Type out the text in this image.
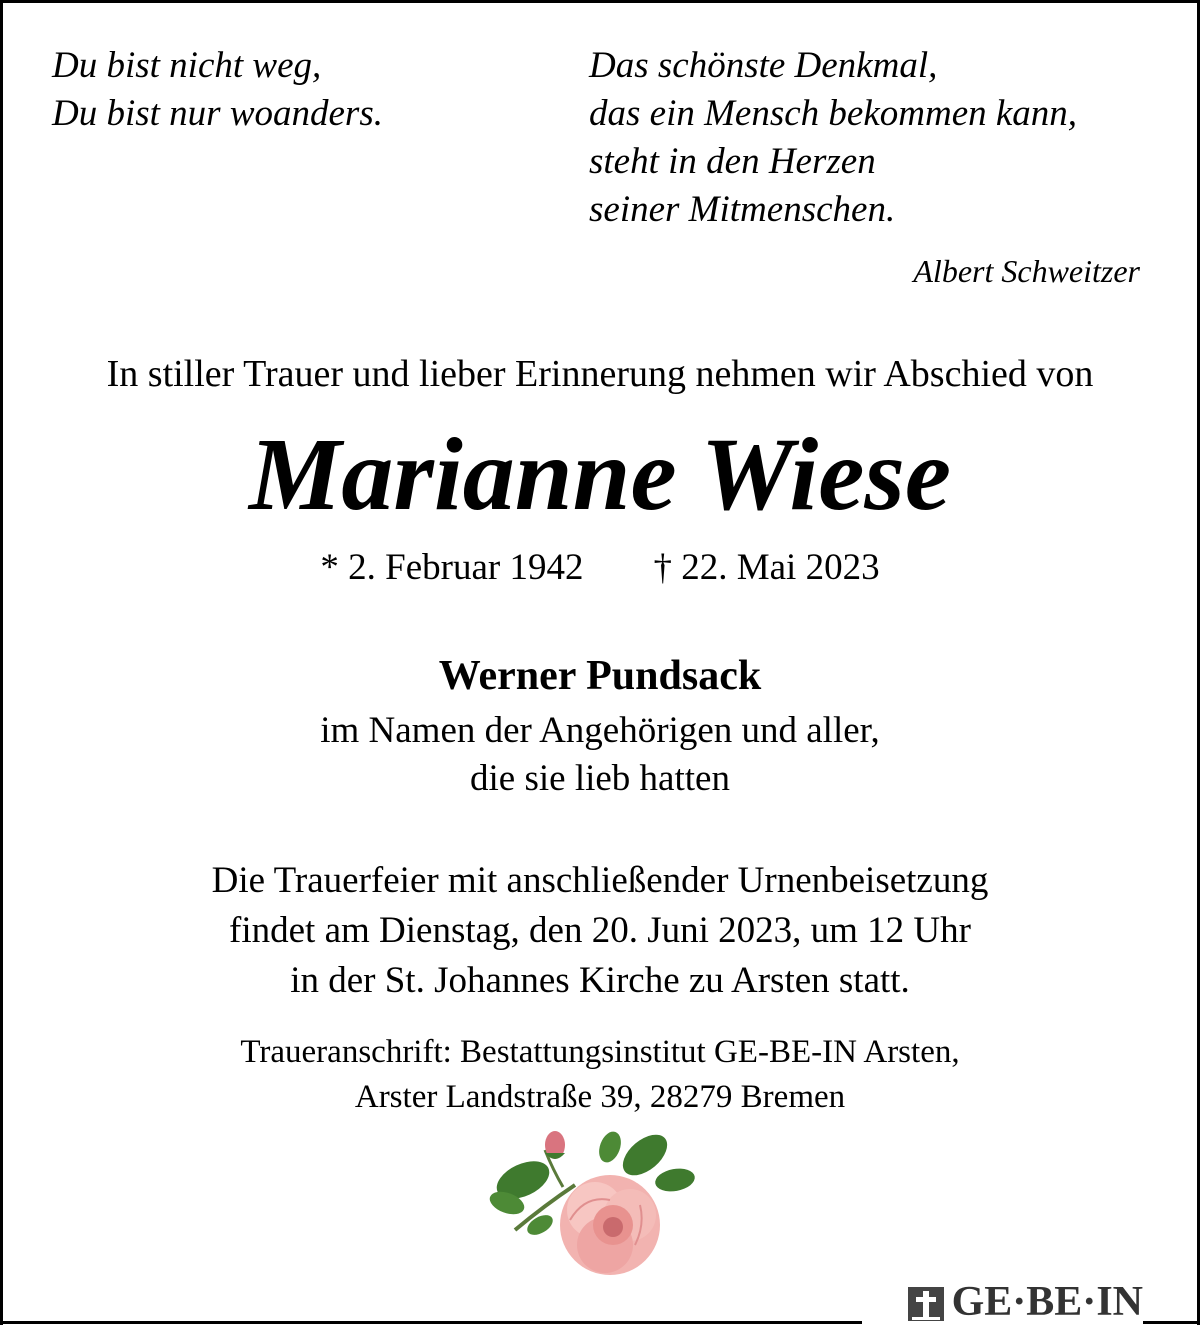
Du bist nicht weg,
Du bist nur woanders.
Das schönste Denkmal,
das ein Mensch bekommen kann,
steht in den Herzen
seiner Mitmenschen.
Albert Schweitzer
In stiller Trauer und lieber Erinnerung nehmen wir Abschied von
Marianne Wiese
* 2. Februar 1942 † 22. Mai 2023
Werner Pundsack
im Namen der Angehörigen und aller,
die sie lieb hatten
Die Trauerfeier mit anschließender Urnenbeisetzung
findet am Dienstag, den 20. Juni 2023, um 12 Uhr
in der St. Johannes Kirche zu Arsten statt.
Traueranschrift: Bestattungsinstitut GE-BE-IN Arsten,
Arster Landstraße 39, 28279 Bremen
GE·BE·IN
